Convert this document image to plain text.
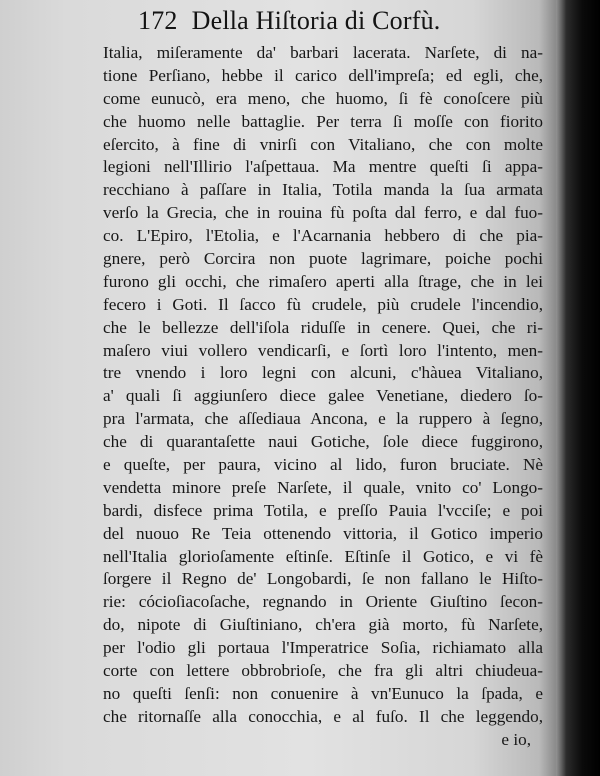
172 Della Hiſtoria di Corfù.
Italia, miſeramente da' barbari lacerata. Narſete, di na-
tione Perſiano, hebbe il carico dell'impreſa; ed egli, che,
come eunucò, era meno, che huomo, ſi fè conoſcere più
che huomo nelle battaglie. Per terra ſi moſſe con fiorito
eſercito, à fine di vnirſi con Vitaliano, che con molte
legioni nell'Illirio l'aſpettaua. Ma mentre queſti ſi appa-
recchiano à paſſare in Italia, Totila manda la ſua armata
verſo la Grecia, che in rouina fù poſta dal ferro, e dal fuo-
co. L'Epiro, l'Etolia, e l'Acarnania hebbero di che pia-
gnere, però Corcira non puote lagrimare, poiche pochi
furono gli occhi, che rimaſero aperti alla ſtrage, che in lei
fecero i Goti. Il ſacco fù crudele, più crudele l'incendio,
che le bellezze dell'iſola riduſſe in cenere. Quei, che ri-
maſero viui vollero vendicarſi, e ſortì loro l'intento, men-
tre vnendo i loro legni con alcuni, c'hàuea Vitaliano,
a' quali ſi aggiunſero diece galee Venetiane, diedero ſo-
pra l'armata, che aſſediaua Ancona, e la ruppero à ſegno,
che di quarantaſette naui Gotiche, ſole diece fuggirono,
e queſte, per paura, vicino al lido, furon bruciate. Nè
vendetta minore preſe Narſete, il quale, vnito co' Longo-
bardi, disfece prima Totila, e preſſo Pauia l'vcciſe; e poi
del nuouo Re Teia ottenendo vittoria, il Gotico imperio
nell'Italia glorioſamente eſtinſe. Eſtinſe il Gotico, e vi fè
ſorgere il Regno de' Longobardi, ſe non fallano le Hiſto-
rie: cócioſiacoſache, regnando in Oriente Giuſtino ſecon-
do, nipote di Giuſtiniano, ch'era già morto, fù Narſete,
per l'odio gli portaua l'Imperatrice Soſia, richiamato alla
corte con lettere obbrobrioſe, che fra gli altri chiudeua-
no queſti ſenſi: non conuenire à vn'Eunuco la ſpada, e
che ritornaſſe alla conocchia, e al fuſo. Il che leggendo,
e io,
